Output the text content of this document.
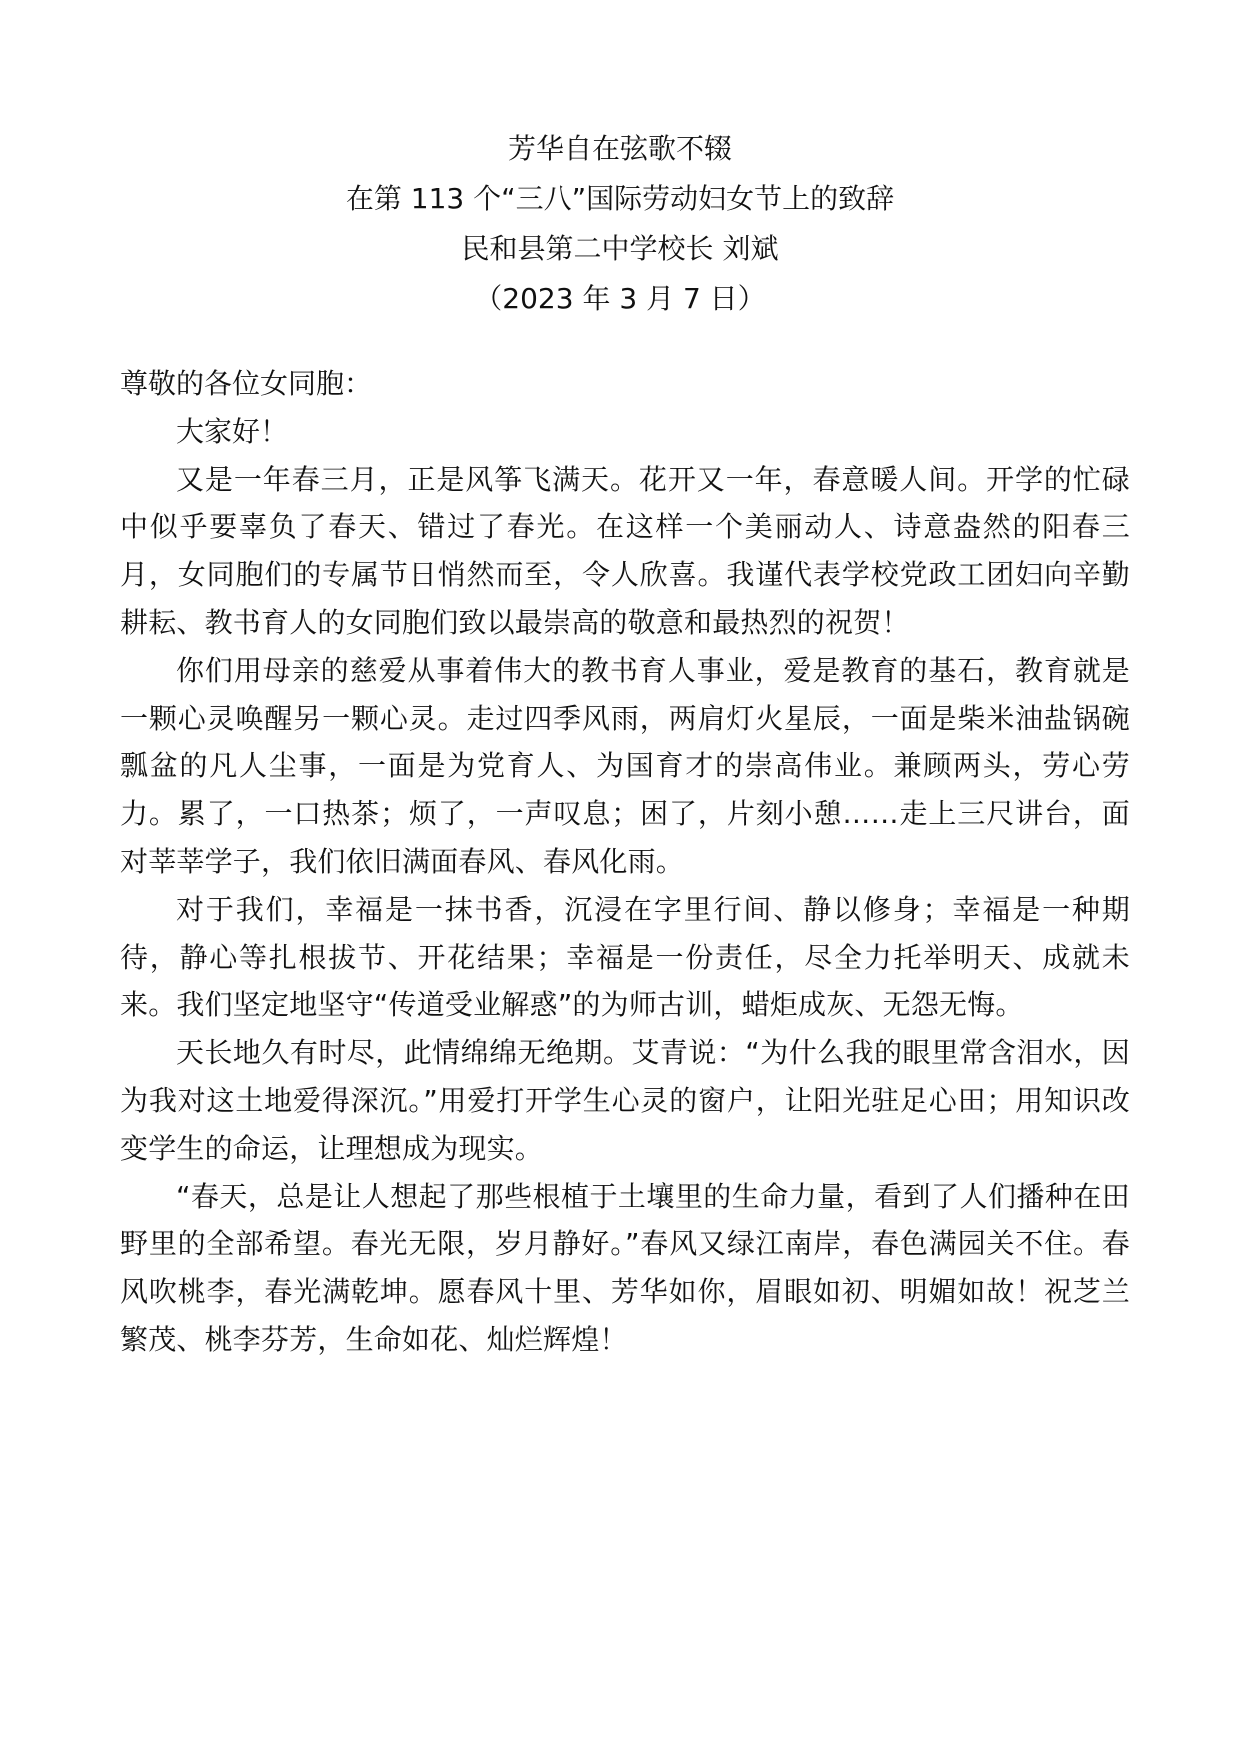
芳华自在弦歌不辍
在第 113 个“三八”国际劳动妇女节上的致辞
民和县第二中学校长 刘斌
（2023 年 3 月 7 日）

尊敬的各位女同胞：

大家好！

又是一年春三月，正是风筝飞满天。花开又一年，春意暖人间。开学的忙碌中似乎要辜负了春天、错过了春光。在这样一个美丽动人、诗意盎然的阳春三月，女同胞们的专属节日悄然而至，令人欣喜。我谨代表学校党政工团妇向辛勤耕耘、教书育人的女同胞们致以最崇高的敬意和最热烈的祝贺！

你们用母亲的慈爱从事着伟大的教书育人事业，爱是教育的基石，教育就是一颗心灵唤醒另一颗心灵。走过四季风雨，两肩灯火星辰，一面是柴米油盐锅碗瓢盆的凡人尘事，一面是为党育人、为国育才的崇高伟业。兼顾两头，劳心劳力。累了，一口热茶；烦了，一声叹息；困了，片刻小憩……走上三尺讲台，面对莘莘学子，我们依旧满面春风、春风化雨。

对于我们，幸福是一抹书香，沉浸在字里行间、静以修身；幸福是一种期待，静心等扎根拔节、开花结果；幸福是一份责任，尽全力托举明天、成就未来。我们坚定地坚守“传道受业解惑”的为师古训，蜡炬成灰、无怨无悔。

天长地久有时尽，此情绵绵无绝期。艾青说：“为什么我的眼里常含泪水，因为我对这土地爱得深沉。”用爱打开学生心灵的窗户，让阳光驻足心田；用知识改变学生的命运，让理想成为现实。

“春天，总是让人想起了那些根植于土壤里的生命力量，看到了人们播种在田野里的全部希望。春光无限，岁月静好。”春风又绿江南岸，春色满园关不住。春风吹桃李，春光满乾坤。愿春风十里、芳华如你，眉眼如初、明媚如故！祝芝兰繁茂、桃李芬芳，生命如花、灿烂辉煌！
